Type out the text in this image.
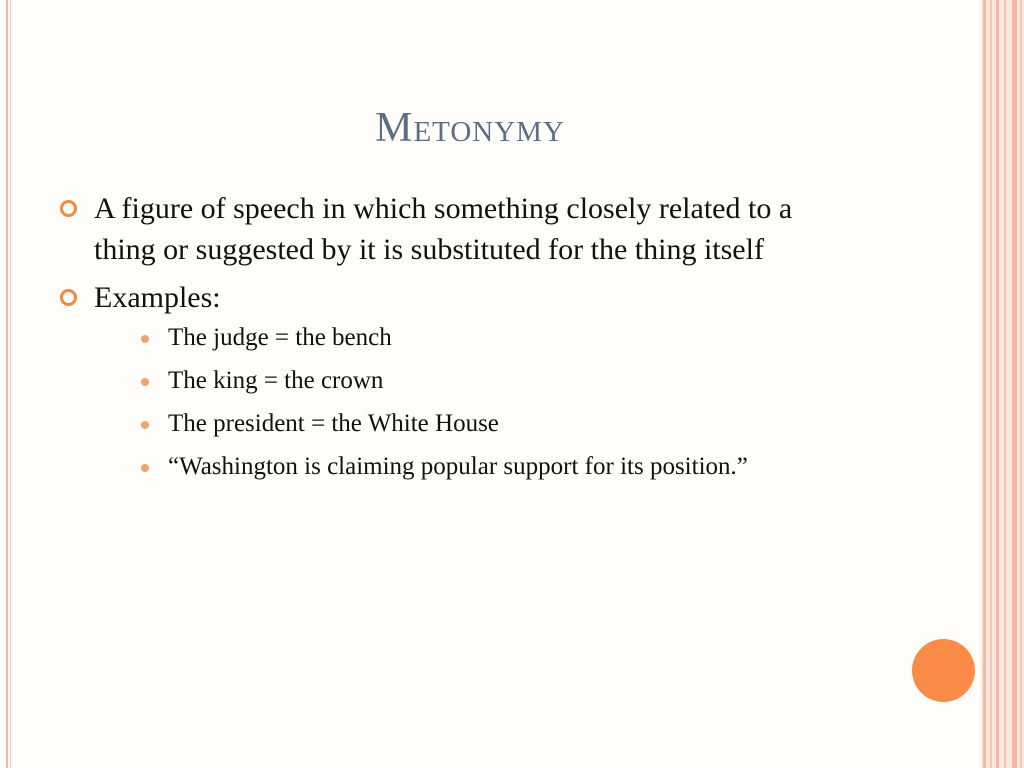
Metonymy
A figure of speech in which something closely related to a thing or suggested by it is substituted for the thing itself
Examples:
The judge = the bench
The king = the crown
The president = the White House
“Washington is claiming popular support for its position.”
